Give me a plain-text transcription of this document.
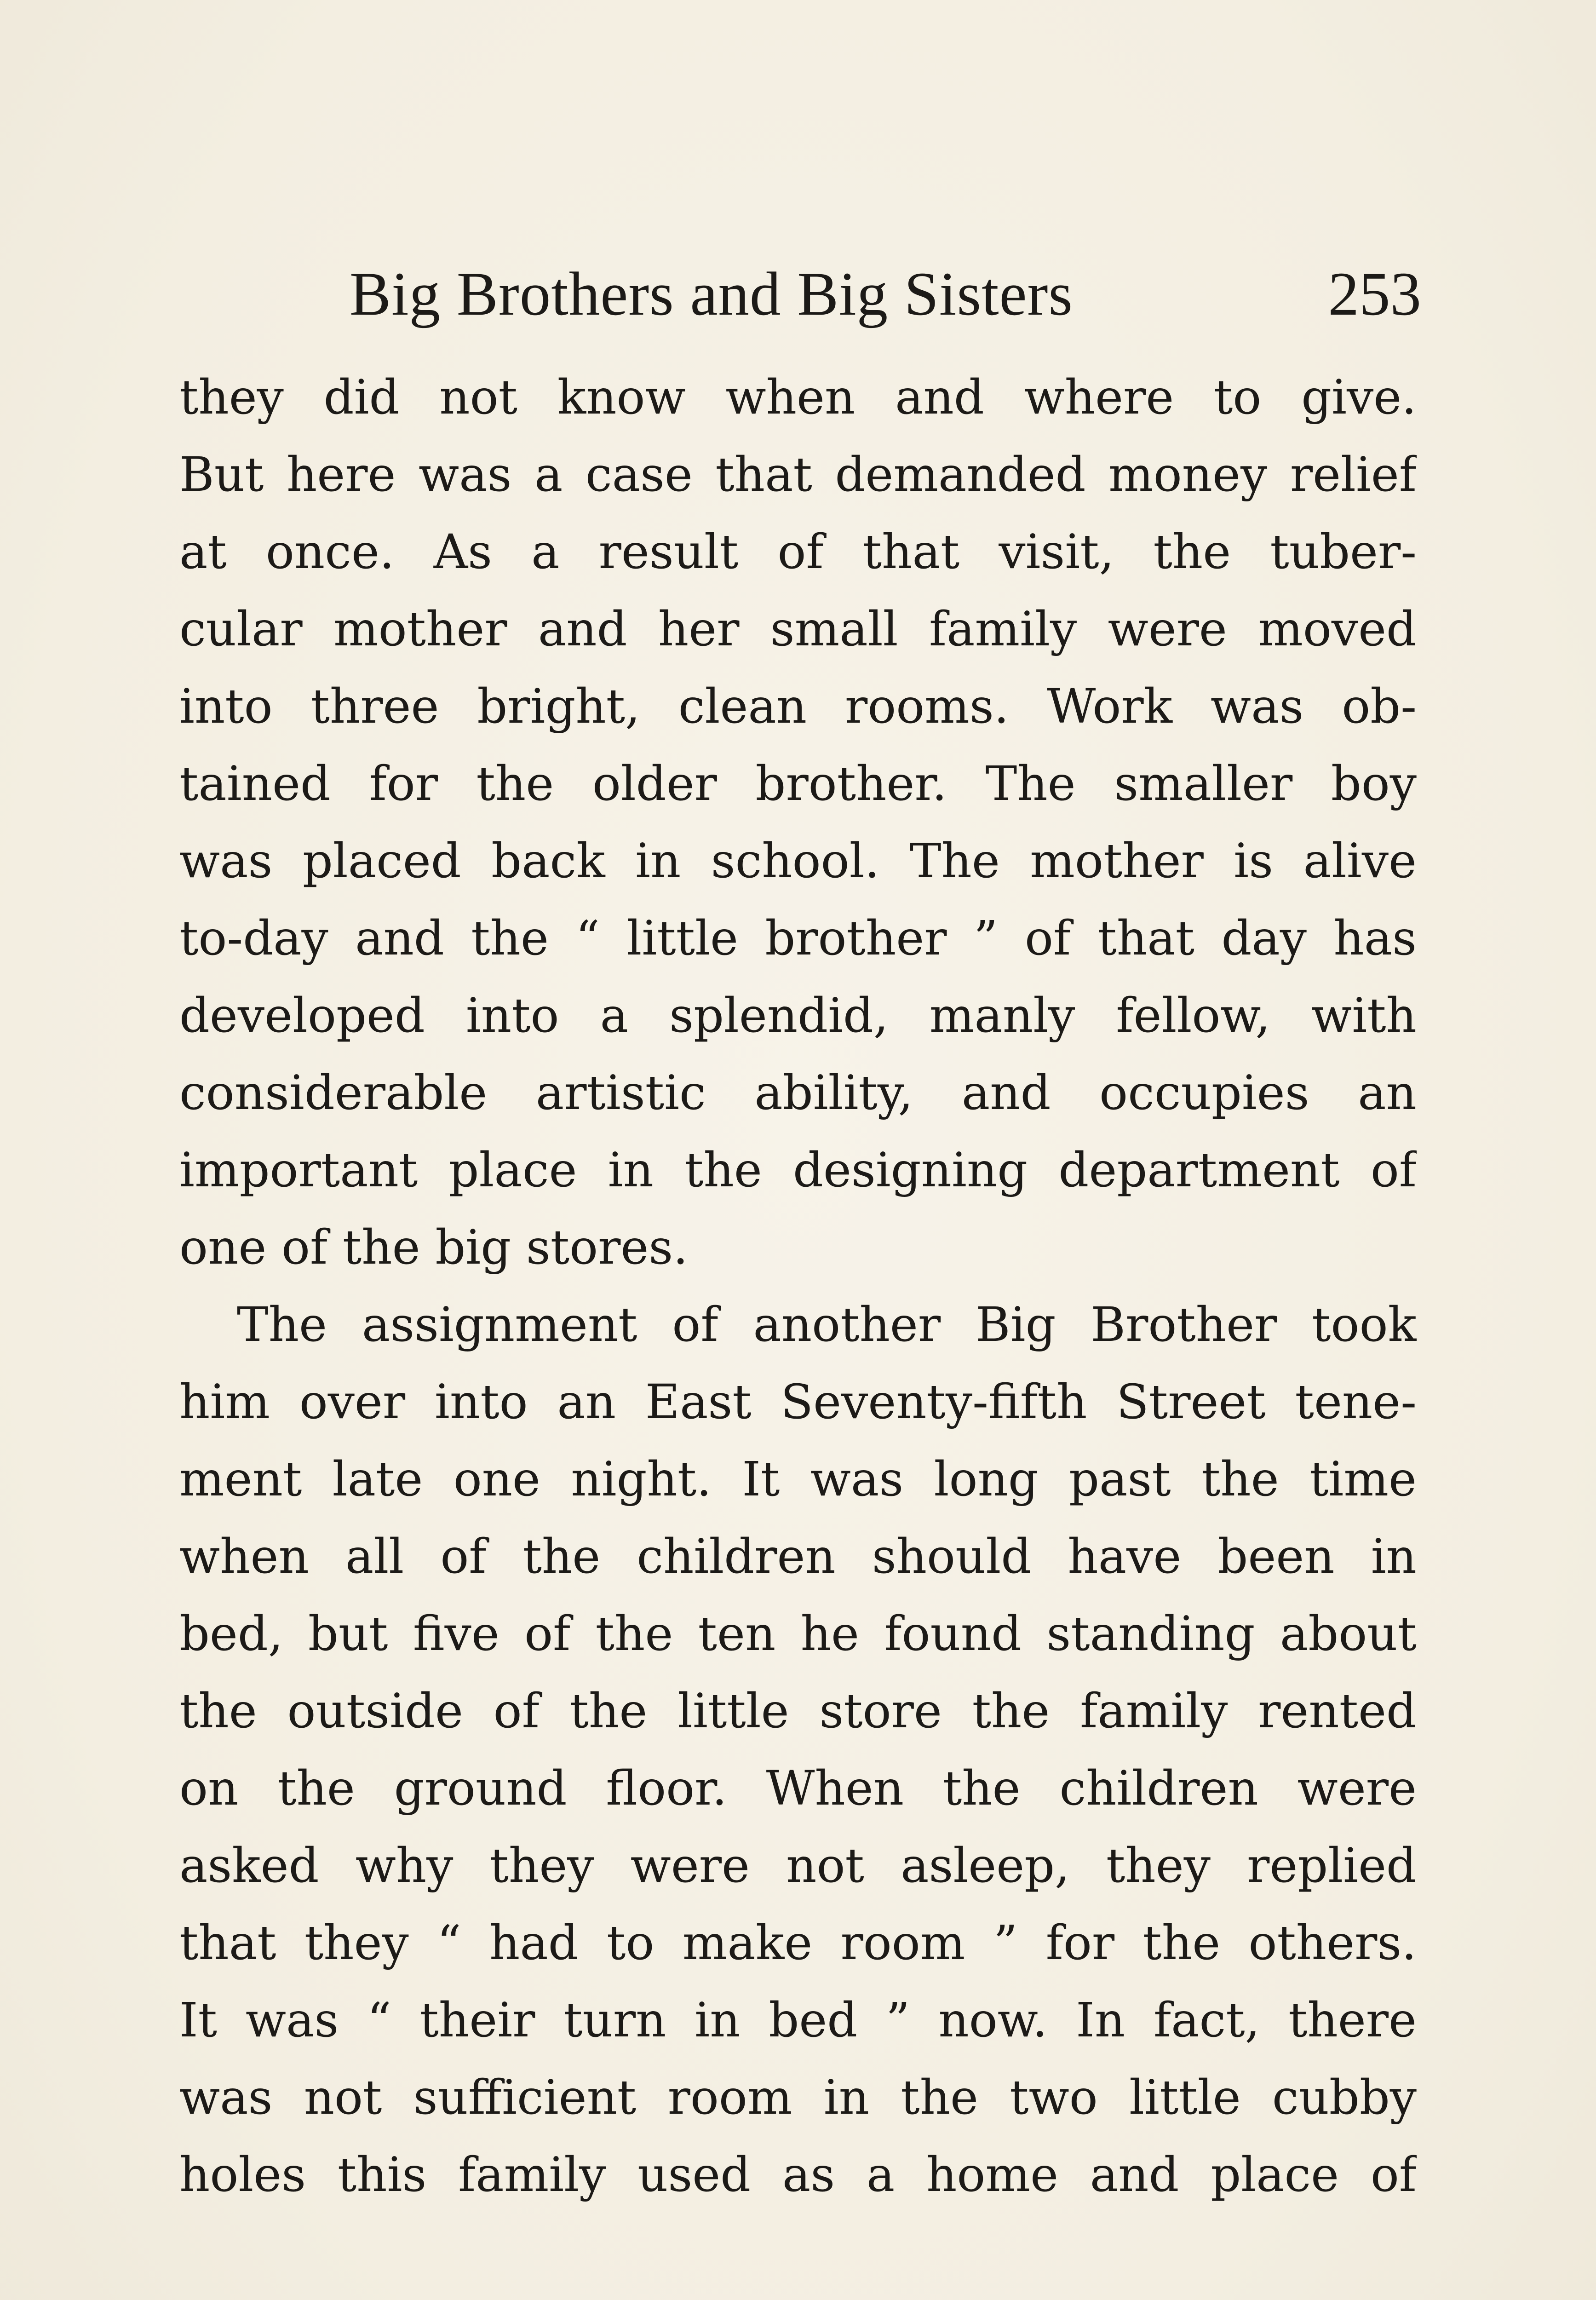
Big Brothers and Big Sisters	253
they did not know when and where to give.
But here was a case that demanded money relief
at once. As a result of that visit, the tuber-
cular mother and her small family were moved
into three bright, clean rooms. Work was ob-
tained for the older brother. The smaller boy
was placed back in school. The mother is alive
to-day and the “ little brother ” of that day has
developed into a splendid, manly fellow, with
considerable artistic ability, and occupies an
important place in the designing department of
one of the big stores.
The assignment of another Big Brother took
him over into an East Seventy-fifth Street tene-
ment late one night. It was long past the time
when all of the children should have been in
bed, but five of the ten he found standing about
the outside of the little store the family rented
on the ground floor. When the children were
asked why they were not asleep, they replied
that they “ had to make room ” for the others.
It was “ their turn in bed ” now. In fact, there
was not sufficient room in the two little cubby
holes this family used as a home and place of
